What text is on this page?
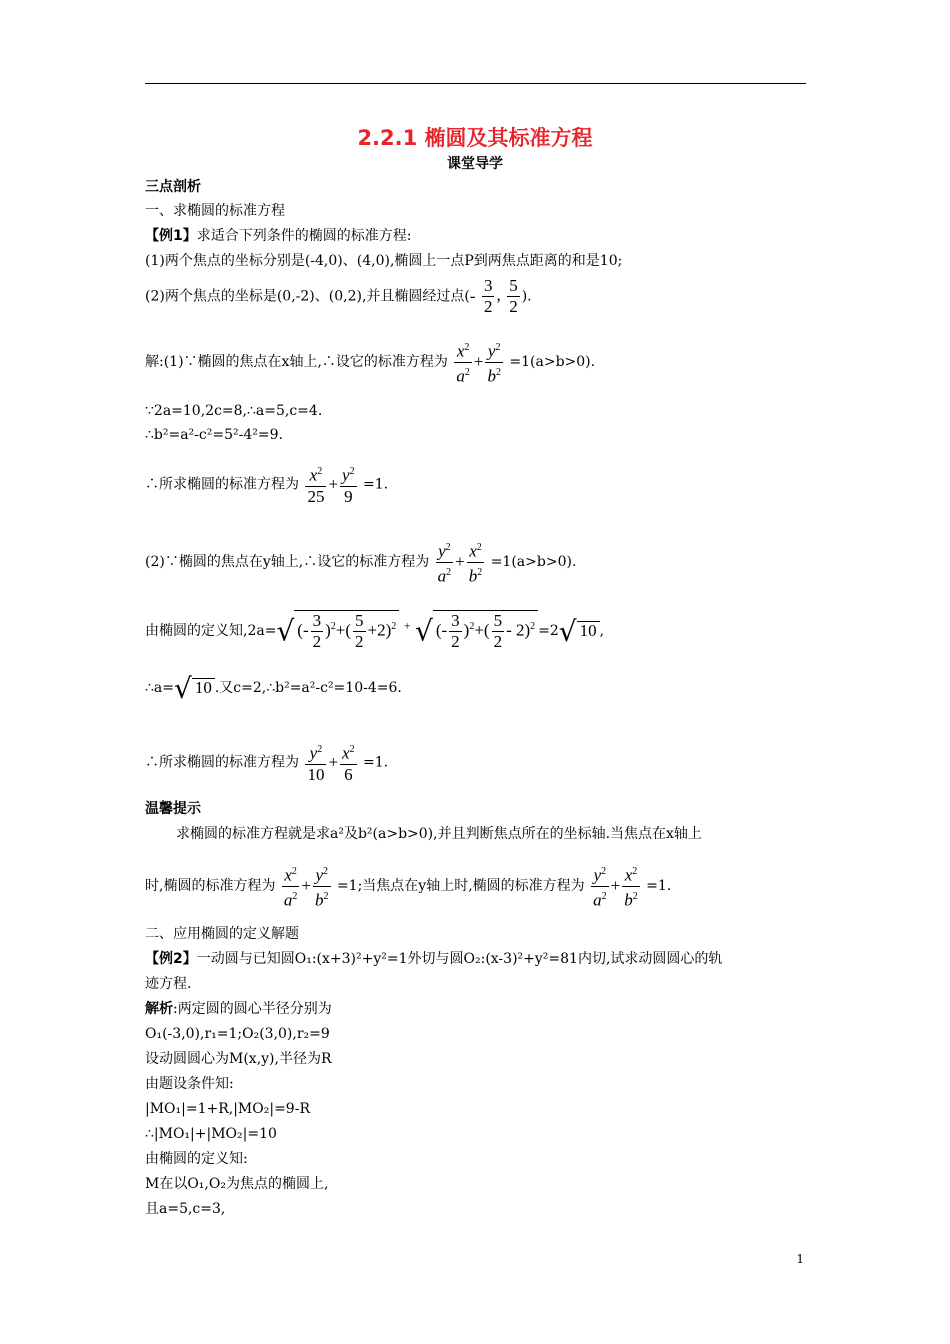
2.2.1 椭圆及其标准方程
课堂导学
三点剖析
一、求椭圆的标准方程
【例1】求适合下列条件的椭圆的标准方程:
(1)两个焦点的坐标分别是(-4,0)、(4,0),椭圆上一点P到两焦点距离的和是10;
(2)两个焦点的坐标是(0,-2)、(0,2),并且椭圆经过点(- $\frac{3}{2}$ , $\frac{5}{2}$ ).
解:(1)∵椭圆的焦点在x轴上,∴设它的标准方程为 $\frac{x^2}{a^2} + \frac{y^2}{b^2} =1(a>b>0)$.
∵2a=10,2c=8,∴a=5,c=4.
∴b²=a²-c²=5²-4²=9.
∴所求椭圆的标准方程为 $\frac{x^2}{25} + \frac{y^2}{9} =1$.
(2)∵椭圆的焦点在y轴上,∴设它的标准方程为 $\frac{y^2}{a^2} + \frac{x^2}{b^2} =1(a>b>0)$.
由椭圆的定义知,2a=√ (- $\frac{3}{2} )^2+( \frac{5}{2} +2)^2$ + √ (- $\frac{3}{2} )^2+( \frac{5}{2} - 2)^2 =2√$ 10 ,
∴a=√ 10 .又c=2,∴b²=a²-c²=10-4=6.
∴所求椭圆的标准方程为 $\frac{y^2}{10} + \frac{x^2}{6} =1$.
温馨提示
求椭圆的标准方程就是求a²及b²(a>b>0),并且判断焦点所在的坐标轴.当焦点在x轴上
时,椭圆的标准方程为 $\frac{x^2}{a^2} + \frac{y^2}{b^2} =1$;当焦点在y轴上时,椭圆的标准方程为 $\frac{y^2}{a^2} + \frac{x^2}{b^2} =1$.
二、应用椭圆的定义解题
【例2】一动圆与已知圆O₁:(x+3)²+y²=1外切与圆O₂:(x-3)²+y²=81内切,试求动圆圆心的轨
迹方程.
解析:两定圆的圆心半径分别为
O₁(-3,0),r₁=1;O₂(3,0),r₂=9
设动圆圆心为M(x,y),半径为R
由题设条件知:
|MO₁|=1+R,|MO₂|=9-R
∴|MO₁|+|MO₂|=10
由椭圆的定义知:
M在以O₁,O₂为焦点的椭圆上,
且a=5,c=3,
1
